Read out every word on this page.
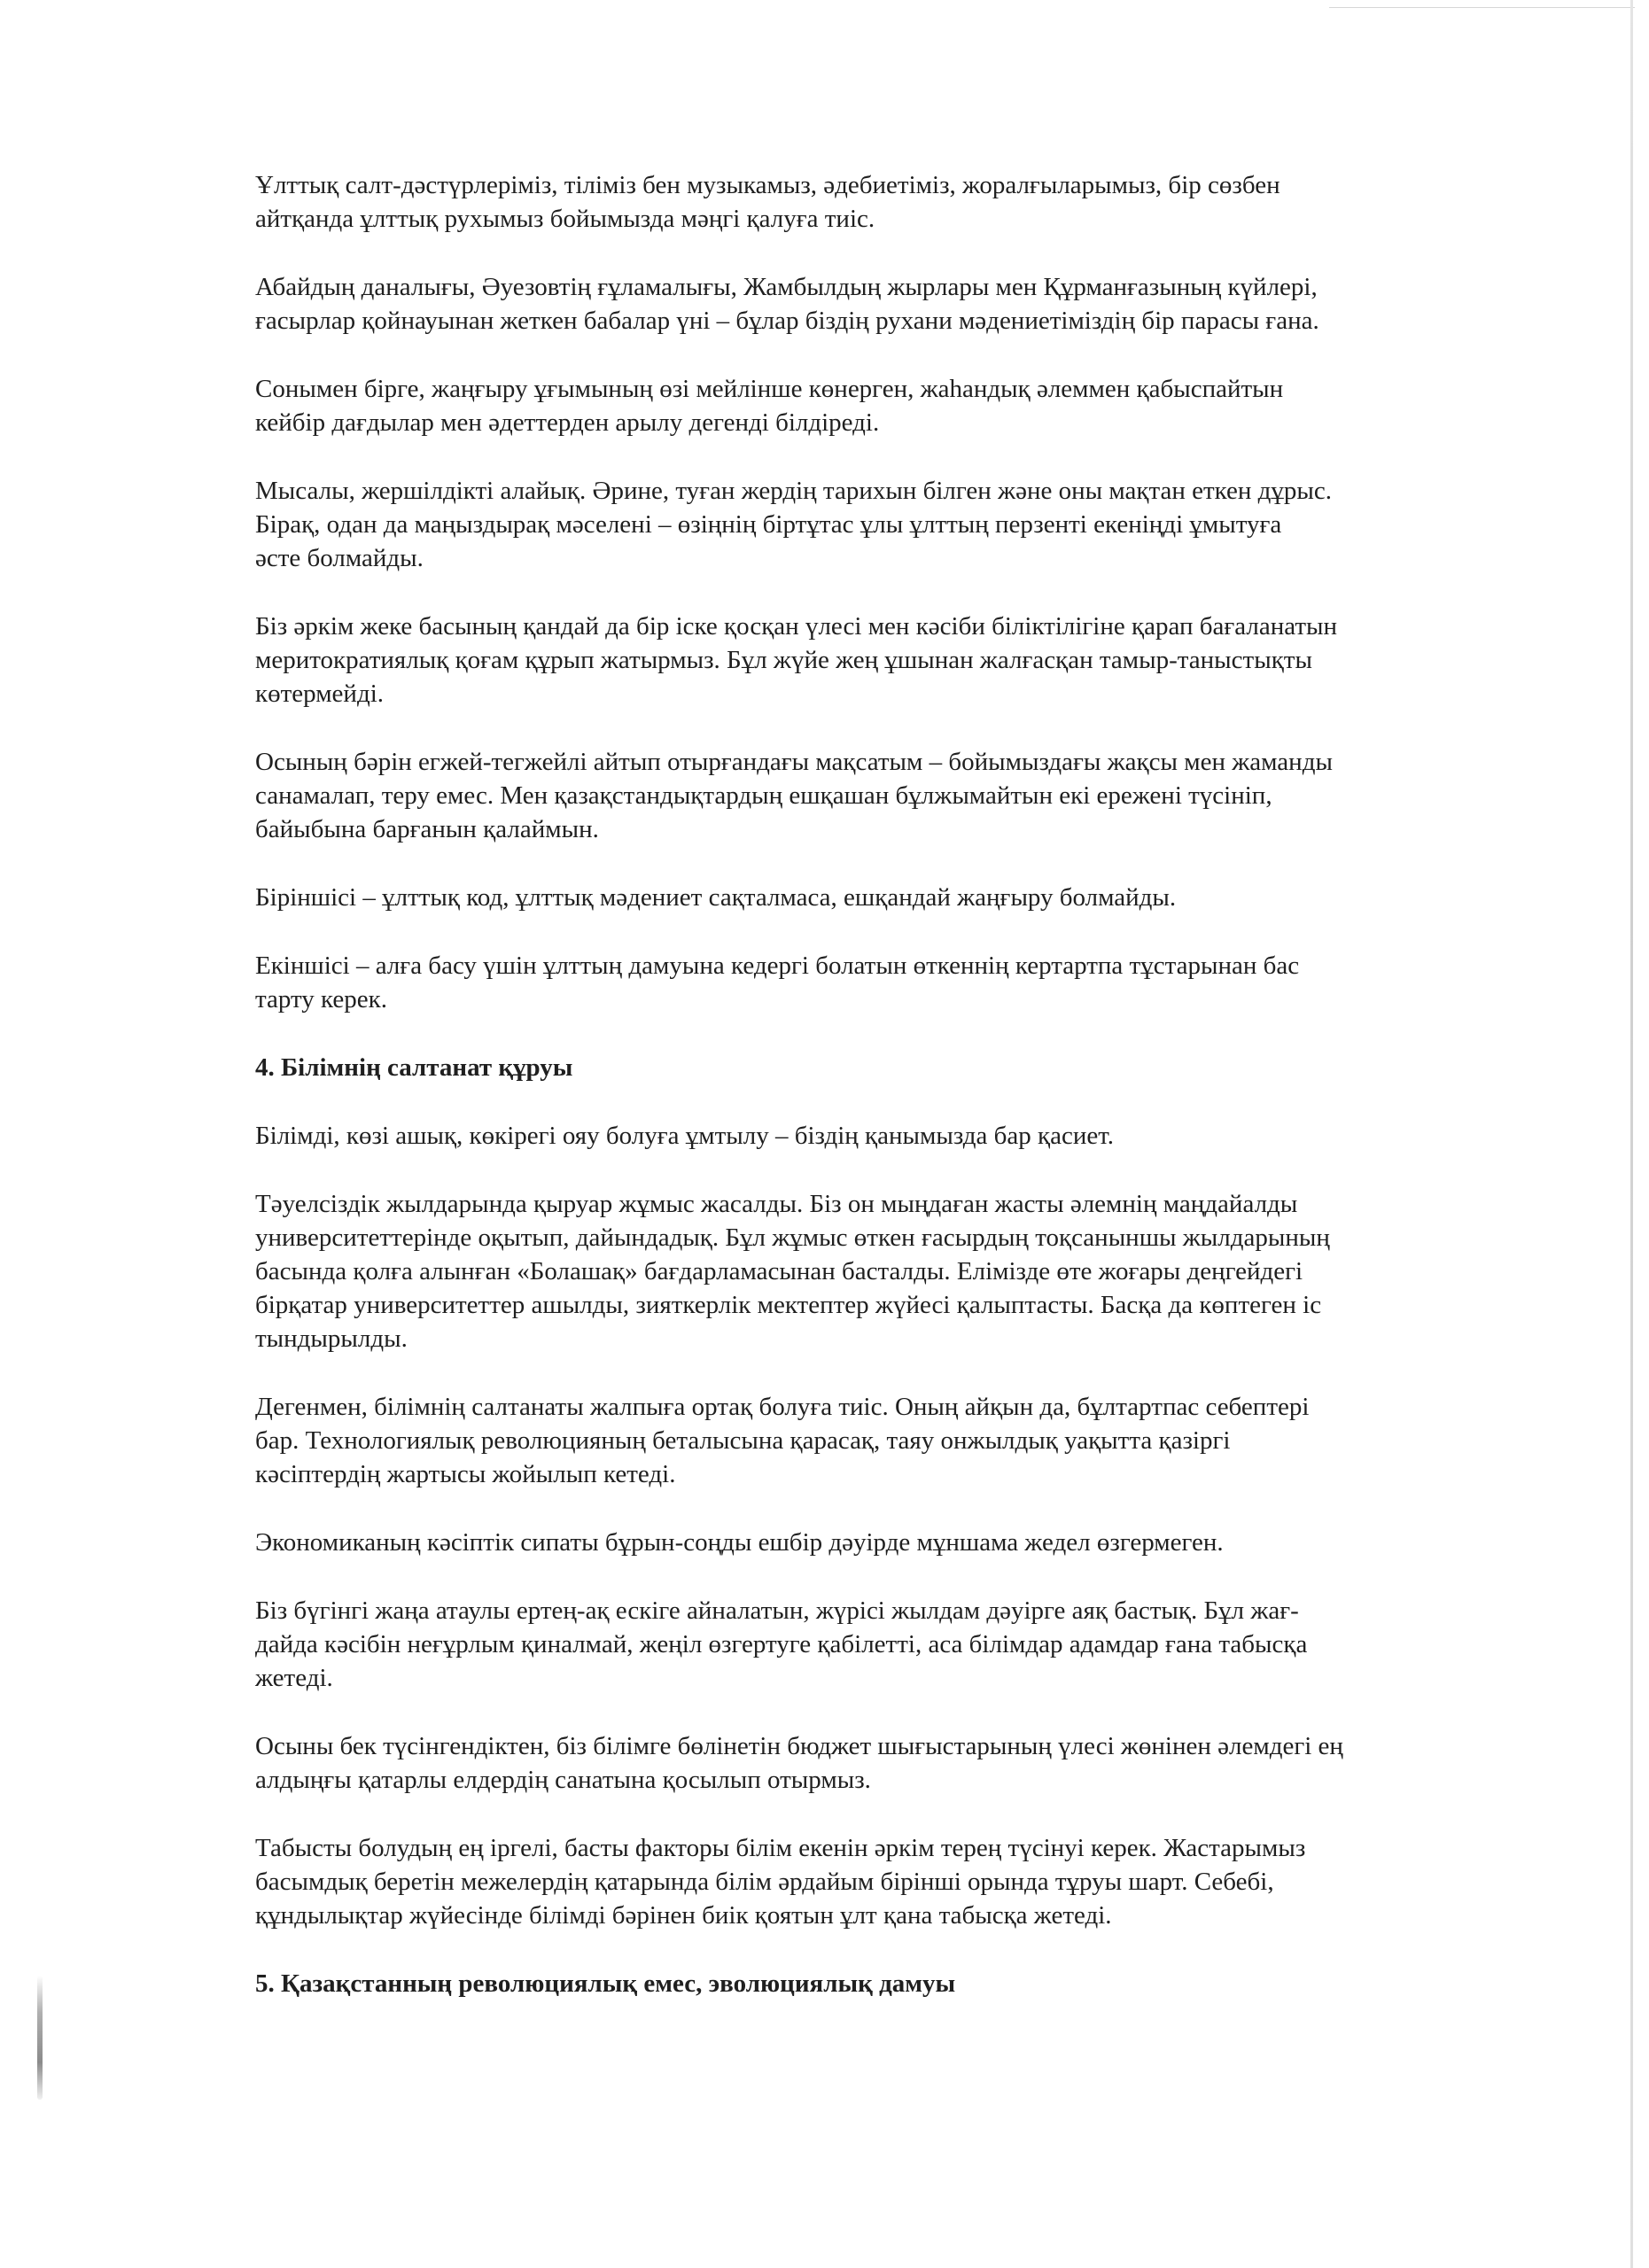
Ұлттық салт-дәстүрлеріміз, тіліміз бен музыкамыз, әдебиетіміз, жоралғыларымыз, бір сөзбен
айтқанда ұлттық рухымыз бойымызда мәңгі қалуға тиіс.
Абайдың даналығы, Әуезовтің ғұламалығы, Жамбылдың жырлары мен Құрманғазының күйлері,
ғасырлар қойнауынан жеткен бабалар үні – бұлар біздің рухани мәдениетіміздің бір парасы ғана.
Сонымен бірге, жаңғыру ұғымының өзі мейлінше көнерген, жаһандық әлеммен қабыспайтын
кейбір дағдылар мен әдеттерден арылу дегенді білдіреді.
Мысалы, жершілдікті алайық. Әрине, туған жердің тарихын білген және оны мақтан еткен дұрыс.
Бірақ, одан да маңыздырақ мәселені – өзіңнің біртұтас ұлы ұлттың перзенті екеніңді ұмытуға
әсте болмайды.
Біз әркім жеке басының қандай да бір іске қосқан үлесі мен кәсіби біліктілігіне қарап бағаланатын
меритократиялық қоғам құрып жатырмыз. Бұл жүйе жең ұшынан жалғасқан тамыр-таныстықты
көтермейді.
Осының бәрін егжей-тегжейлі айтып отырғандағы мақсатым – бойымыздағы жақсы мен жаманды
санамалап, теру емес. Мен қазақстандықтардың ешқашан бұлжымайтын екі ережені түсініп,
байыбына барғанын қалаймын.
Біріншісі – ұлттық код, ұлттық мәдениет сақталмаса, ешқандай жаңғыру болмайды.
Екіншісі – алға басу үшін ұлттың дамуына кедергі болатын өткеннің кертартпа тұстарынан бас
тарту керек.
4. Білімнің салтанат құруы
Білімді, көзі ашық, көкірегі ояу болуға ұмтылу – біздің қанымызда бар қасиет.
Тәуелсіздік жылдарында қыруар жұмыс жасалды. Біз он мыңдаған жасты әлемнің маңдайалды
университеттерінде оқытып, дайындадық. Бұл жұмыс өткен ғасырдың тоқсаныншы жылдарының
басында қолға алынған «Болашақ» бағдарламасынан басталды. Елімізде өте жоғары деңгейдегі
бірқатар университеттер ашылды, зияткерлік мектептер жүйесі қалыптасты. Басқа да көптеген іс
тындырылды.
Дегенмен, білімнің салтанаты жалпыға ортақ болуға тиіс. Оның айқын да, бұлтартпас себептері
бар. Технологиялық революцияның беталысына қарасақ, таяу онжылдық уақытта қазіргі
кәсіптердің жартысы жойылып кетеді.
Экономиканың кәсіптік сипаты бұрын-соңды ешбір дәуірде мұншама жедел өзгермеген.
Біз бүгінгі жаңа атаулы ертең-ақ ескіге айналатын, жүрісі жылдам дәуірге аяқ бастық. Бұл жағ-
дайда кәсібін неғұрлым қиналмай, жеңіл өзгертуге қабілетті, аса білімдар адамдар ғана табысқа
жетеді.
Осыны бек түсінгендіктен, біз білімге бөлінетін бюджет шығыстарының үлесі жөнінен әлемдегі ең
алдыңғы қатарлы елдердің санатына қосылып отырмыз.
Табысты болудың ең іргелі, басты факторы білім екенін әркім терең түсінуі керек. Жастарымыз
басымдық беретін межелердің қатарында білім әрдайым бірінші орында тұруы шарт. Себебі,
құндылықтар жүйесінде білімді бәрінен биік қоятын ұлт қана табысқа жетеді.
5. Қазақстанның революциялық емес, эволюциялық дамуы
